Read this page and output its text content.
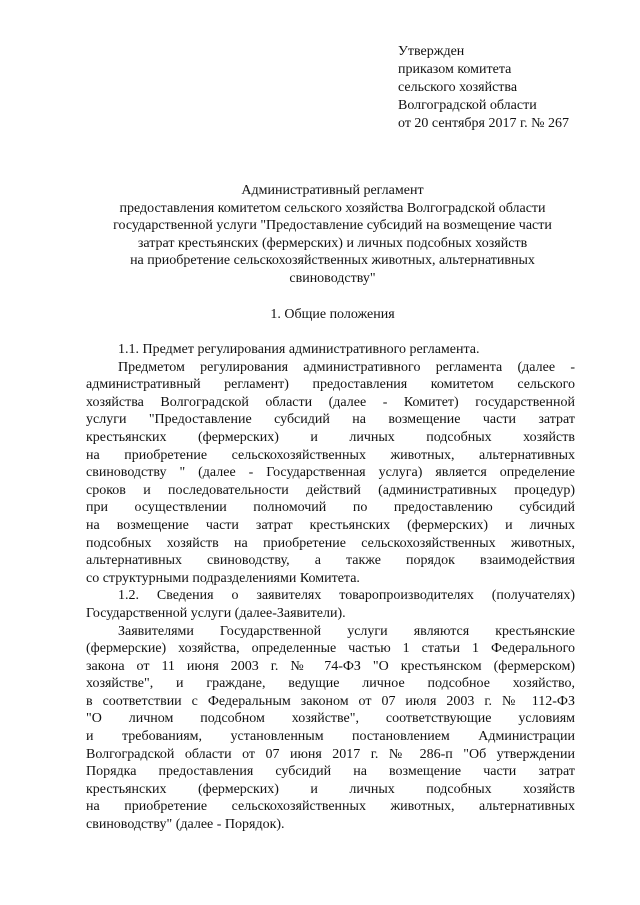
Утвержден
приказом комитета
сельского хозяйства
Волгоградской области
от 20 сентября 2017 г. № 267
Административный регламент
предоставления комитетом сельского хозяйства Волгоградской области
государственной услуги "Предоставление субсидий на возмещение части
затрат крестьянских (фермерских) и личных подсобных хозяйств
на приобретение сельскохозяйственных животных, альтернативных
свиноводству"
1. Общие положения
1.1. Предмет регулирования административного регламента.
Предметом регулирования административного регламента (далее -
административный регламент) предоставления комитетом сельского
хозяйства Волгоградской области (далее - Комитет) государственной
услуги "Предоставление субсидий на возмещение части затрат
крестьянских (фермерских) и личных подсобных хозяйств
на приобретение сельскохозяйственных животных, альтернативных
свиноводству " (далее - Государственная услуга) является определение
сроков и последовательности действий (административных процедур)
при осуществлении полномочий по предоставлению субсидий
на возмещение части затрат крестьянских (фермерских) и личных
подсобных хозяйств на приобретение сельскохозяйственных животных,
альтернативных свиноводству, а также порядок взаимодействия
со структурными подразделениями Комитета.
1.2. Сведения о заявителях товаропроизводителях (получателях)
Государственной услуги (далее-Заявители).
Заявителями Государственной услуги являются крестьянские
(фермерские) хозяйства, определенные частью 1 статьи 1 Федерального
закона от 11 июня 2003 г. № 74-ФЗ "О крестьянском (фермерском)
хозяйстве", и граждане, ведущие личное подсобное хозяйство,
в соответствии с Федеральным законом от 07 июля 2003 г. № 112-ФЗ
"О личном подсобном хозяйстве", соответствующие условиям
и требованиям, установленным постановлением Администрации
Волгоградской области от 07 июня 2017 г. № 286-п "Об утверждении
Порядка предоставления субсидий на возмещение части затрат
крестьянских (фермерских) и личных подсобных хозяйств
на приобретение сельскохозяйственных животных, альтернативных
свиноводству" (далее - Порядок).
